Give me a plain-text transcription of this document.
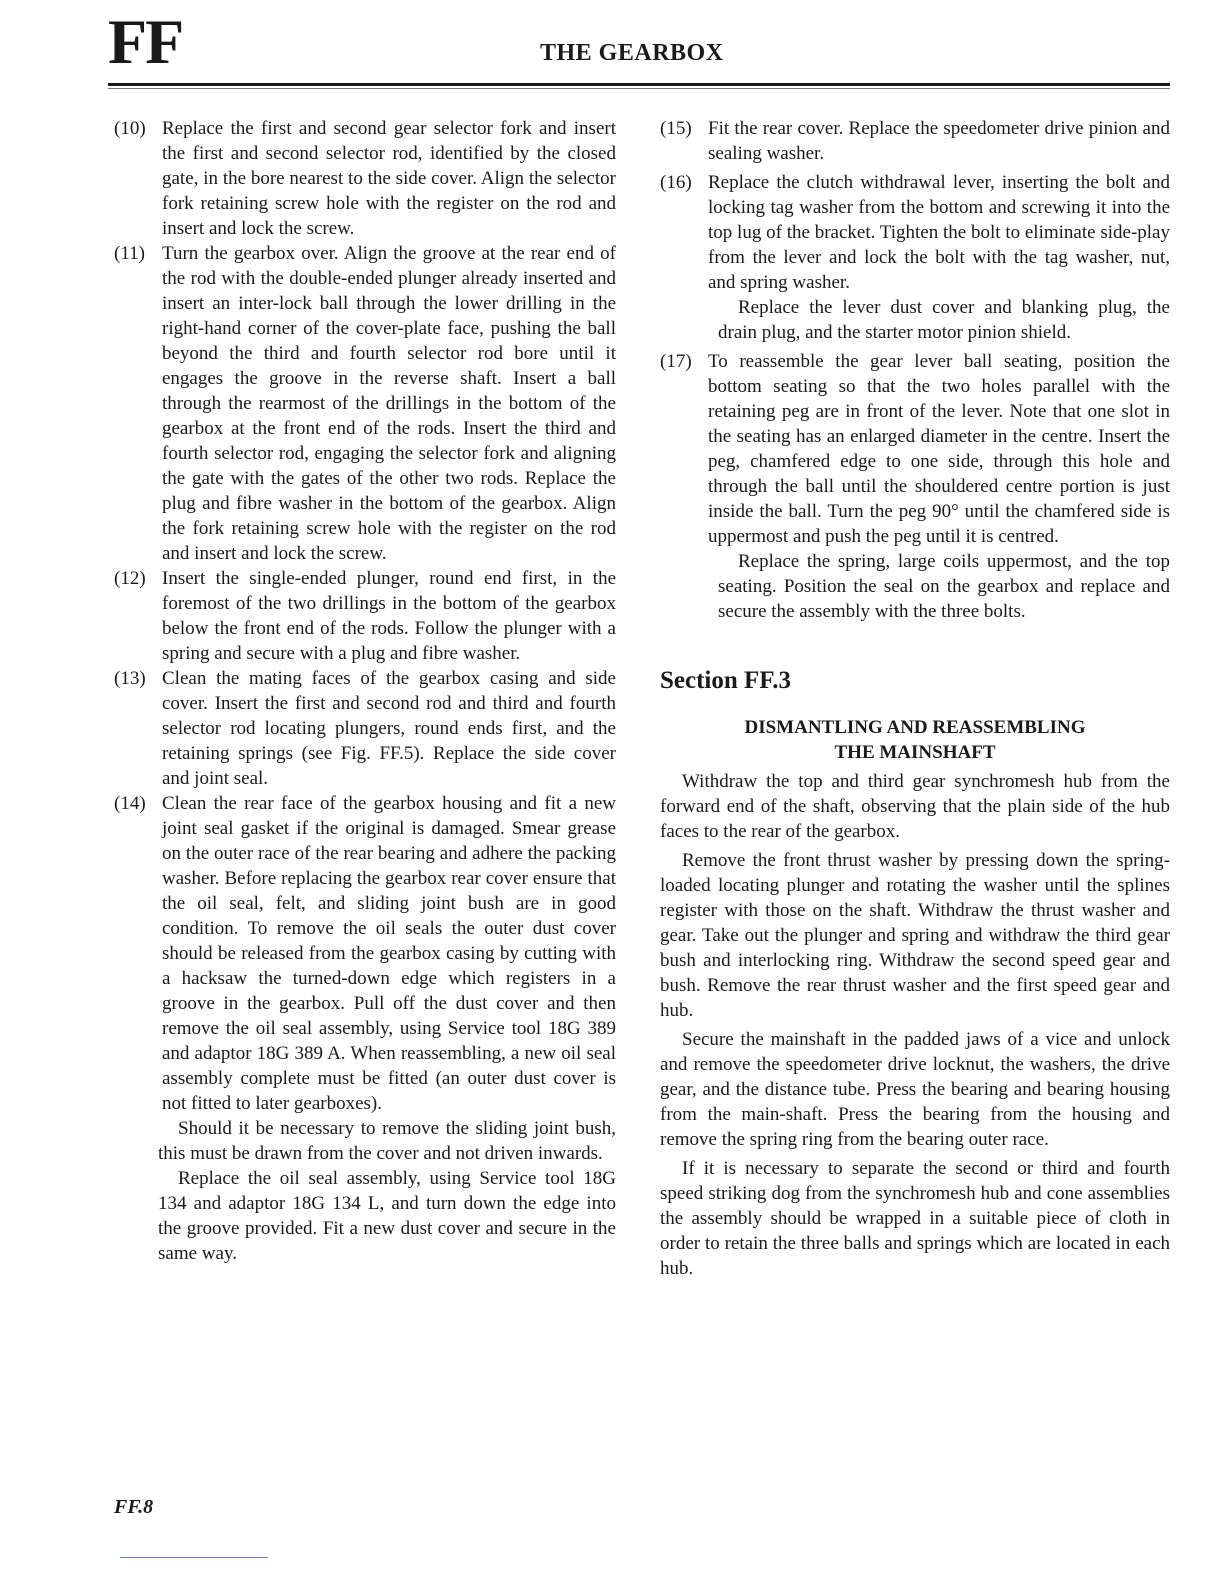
FF	THE GEARBOX
(10) Replace the first and second gear selector fork and insert the first and second selector rod, identified by the closed gate, in the bore nearest to the side cover. Align the selector fork retaining screw hole with the register on the rod and insert and lock the screw.
(11) Turn the gearbox over. Align the groove at the rear end of the rod with the double-ended plunger already inserted and insert an inter-lock ball through the lower drilling in the right-hand corner of the cover-plate face, pushing the ball beyond the third and fourth selector rod bore until it engages the groove in the reverse shaft. Insert a ball through the rearmost of the drillings in the bottom of the gearbox at the front end of the rods. Insert the third and fourth selector rod, engaging the selector fork and aligning the gate with the gates of the other two rods. Replace the plug and fibre washer in the bottom of the gearbox. Align the fork retaining screw hole with the register on the rod and insert and lock the screw.
(12) Insert the single-ended plunger, round end first, in the foremost of the two drillings in the bottom of the gearbox below the front end of the rods. Follow the plunger with a spring and secure with a plug and fibre washer.
(13) Clean the mating faces of the gearbox casing and side cover. Insert the first and second rod and third and fourth selector rod locating plungers, round ends first, and the retaining springs (see Fig. FF.5). Replace the side cover and joint seal.
(14) Clean the rear face of the gearbox housing and fit a new joint seal gasket if the original is damaged. Smear grease on the outer race of the rear bearing and adhere the packing washer. Before replacing the gearbox rear cover ensure that the oil seal, felt, and sliding joint bush are in good condition. To remove the oil seals the outer dust cover should be released from the gearbox casing by cutting with a hacksaw the turned-down edge which registers in a groove in the gearbox. Pull off the dust cover and then remove the oil seal assembly, using Service tool 18G 389 and adaptor 18G 389 A. When reassembling, a new oil seal assembly complete must be fitted (an outer dust cover is not fitted to later gearboxes).

Should it be necessary to remove the sliding joint bush, this must be drawn from the cover and not driven inwards.

Replace the oil seal assembly, using Service tool 18G 134 and adaptor 18G 134 L, and turn down the edge into the groove provided. Fit a new dust cover and secure in the same way.

(15) Fit the rear cover. Replace the speedometer drive pinion and sealing washer.
(16) Replace the clutch withdrawal lever, inserting the bolt and locking tag washer from the bottom and screwing it into the top lug of the bracket. Tighten the bolt to eliminate side-play from the lever and lock the bolt with the tag washer, nut, and spring washer.

Replace the lever dust cover and blanking plug, the drain plug, and the starter motor pinion shield.

(17) To reassemble the gear lever ball seating, position the bottom seating so that the two holes parallel with the retaining peg are in front of the lever. Note that one slot in the seating has an enlarged diameter in the centre. Insert the peg, chamfered edge to one side, through this hole and through the ball until the shouldered centre portion is just inside the ball. Turn the peg 90° until the chamfered side is uppermost and push the peg until it is centred.

Replace the spring, large coils uppermost, and the top seating. Position the seal on the gearbox and replace and secure the assembly with the three bolts.

Section FF.3
DISMANTLING AND REASSEMBLING
THE MAINSHAFT

Withdraw the top and third gear synchromesh hub from the forward end of the shaft, observing that the plain side of the hub faces to the rear of the gearbox.

Remove the front thrust washer by pressing down the spring-loaded locating plunger and rotating the washer until the splines register with those on the shaft. Withdraw the thrust washer and gear. Take out the plunger and spring and withdraw the third gear bush and interlocking ring. Withdraw the second speed gear and bush. Remove the rear thrust washer and the first speed gear and hub.

Secure the mainshaft in the padded jaws of a vice and unlock and remove the speedometer drive locknut, the washers, the drive gear, and the distance tube. Press the bearing and bearing housing from the main-shaft. Press the bearing from the housing and remove the spring ring from the bearing outer race.

If it is necessary to separate the second or third and fourth speed striking dog from the synchromesh hub and cone assemblies the assembly should be wrapped in a suitable piece of cloth in order to retain the three balls and springs which are located in each hub.

FF.8
